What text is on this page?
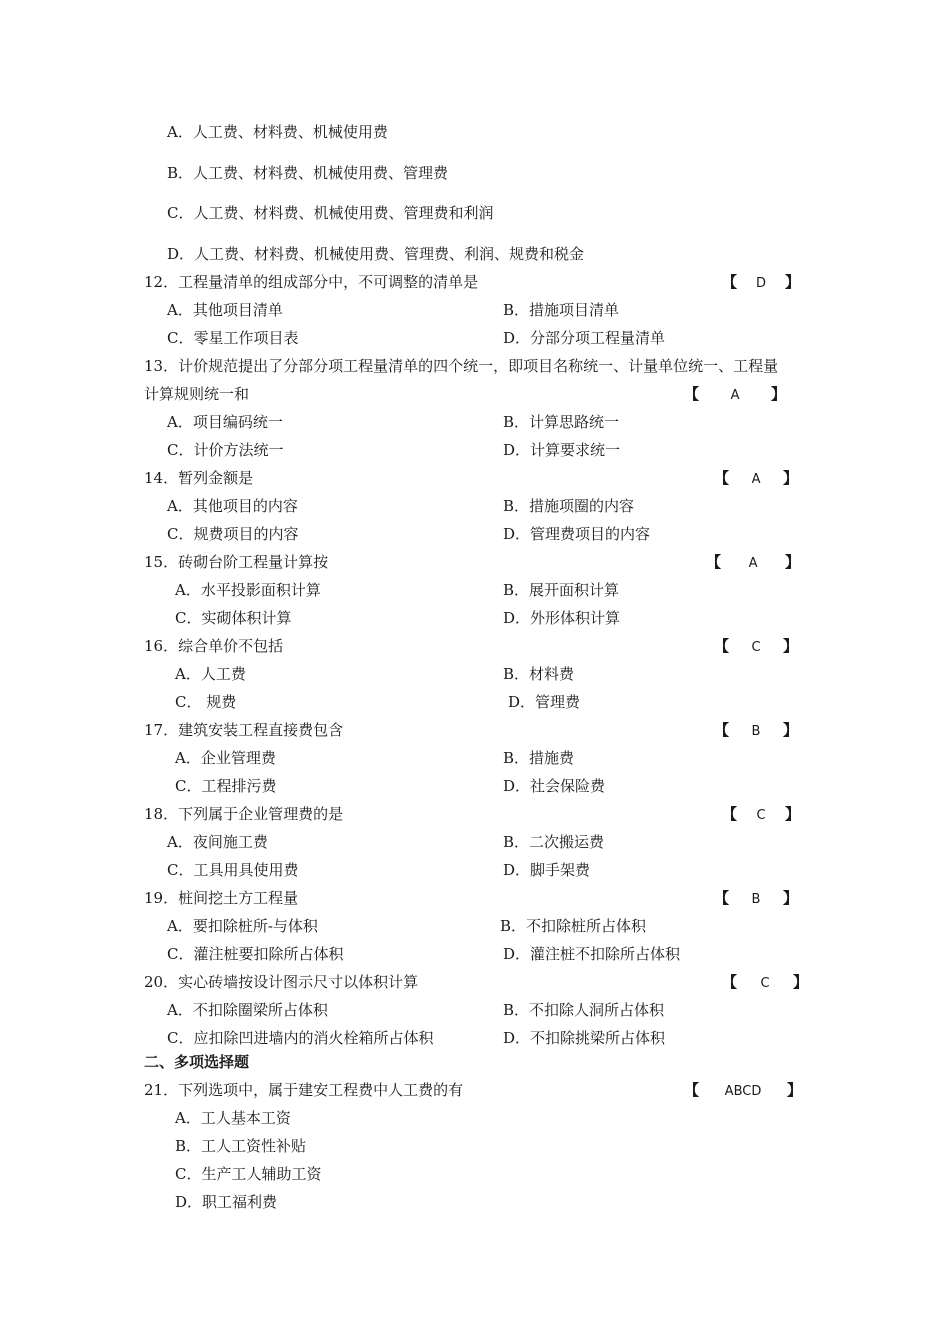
A．人工费、材料费、机械使用费
B．人工费、材料费、机械使用费、管理费
C．人工费、材料费、机械使用费、管理费和利润
D．人工费、材料费、机械使用费、管理费、利润、规费和税金
12．工程量清单的组成部分中，不可调整的清单是	【 D 】
A．其他项目清单	B．措施项目清单
C．零星工作项目表	D．分部分项工程量清单
13．计价规范提出了分部分项工程量清单的四个统一，即项目名称统一、计量单位统一、工程量
计算规则统一和	【 A 】
A．项目编码统一	B．计算思路统一
C．计价方法统一	D．计算要求统一
14．暂列金额是	【 A 】
A．其他项目的内容	B．措施项圈的内容
C．规费项目的内容	D．管理费项目的内容
15．砖砌台阶工程量计算按	【 A 】
A．水平投影面积计算	B．展开面积计算
C．实砌体积计算	D．外形体积计算
16．综合单价不包括	【 C 】
A．人工费	B．材料费
C． 规费	D．管理费
17．建筑安装工程直接费包含	【 B 】
A．企业管理费	B．措施费
C．工程排污费	D．社会保险费
18．下列属于企业管理费的是	【 C 】
A．夜间施工费	B．二次搬运费
C．工具用具使用费	D．脚手架费
19．桩间挖土方工程量	【 B 】
A．要扣除桩所-与体积	B．不扣除桩所占体积
C．灌注桩要扣除所占体积	D．灌注桩不扣除所占体积
20．实心砖墙按设计图示尺寸以体积计算	【 C 】
A．不扣除圈梁所占体积	B．不扣除人洞所占体积
C．应扣除凹进墙内的消火栓箱所占体积	D．不扣除挑梁所占体积
二、多项选择题
21．下列选项中，属于建安工程费中人工费的有	【 ABCD 】
A．工人基本工资
B．工人工资性补贴
C．生产工人辅助工资
D．职工福利费
